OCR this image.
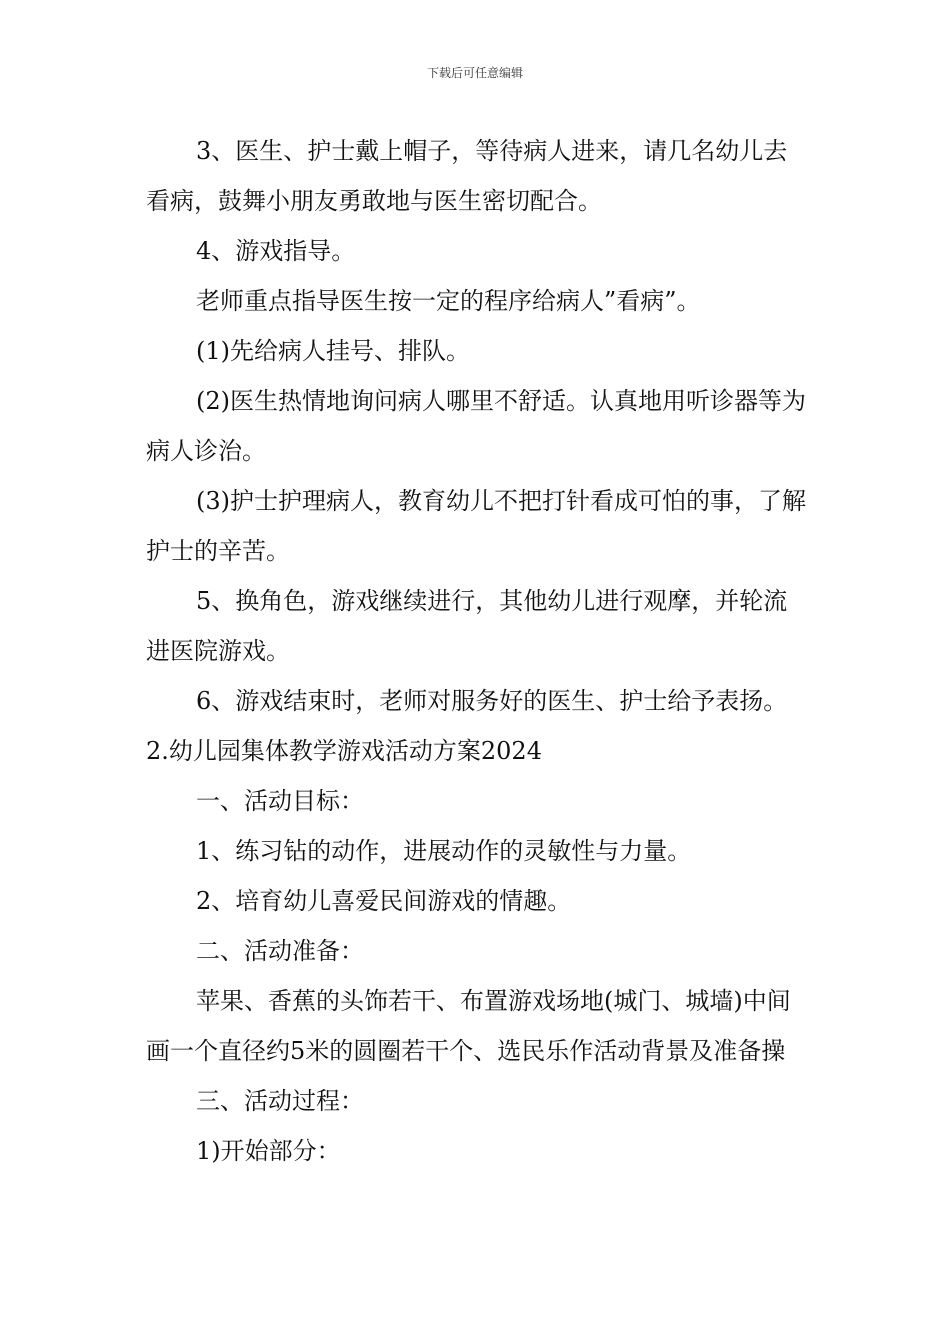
下载后可任意编辑

3、医生、护士戴上帽子，等待病人进来，请几名幼儿去看病，鼓舞小朋友勇敢地与医生密切配合。

4、游戏指导。

老师重点指导医生按一定的程序给病人”看病”。

(1)先给病人挂号、排队。

(2)医生热情地询问病人哪里不舒适。认真地用听诊器等为病人诊治。

(3)护士护理病人，教育幼儿不把打针看成可怕的事，了解护士的辛苦。

5、换角色，游戏继续进行，其他幼儿进行观摩，并轮流进医院游戏。

6、游戏结束时，老师对服务好的医生、护士给予表扬。

2.幼儿园集体教学游戏活动方案2024

一、活动目标：

1、练习钻的动作，进展动作的灵敏性与力量。

2、培育幼儿喜爱民间游戏的情趣。

二、活动准备：

苹果、香蕉的头饰若干、布置游戏场地(城门、城墙)中间画一个直径约5米的圆圈若干个、选民乐作活动背景及准备操

三、活动过程：

1)开始部分：
